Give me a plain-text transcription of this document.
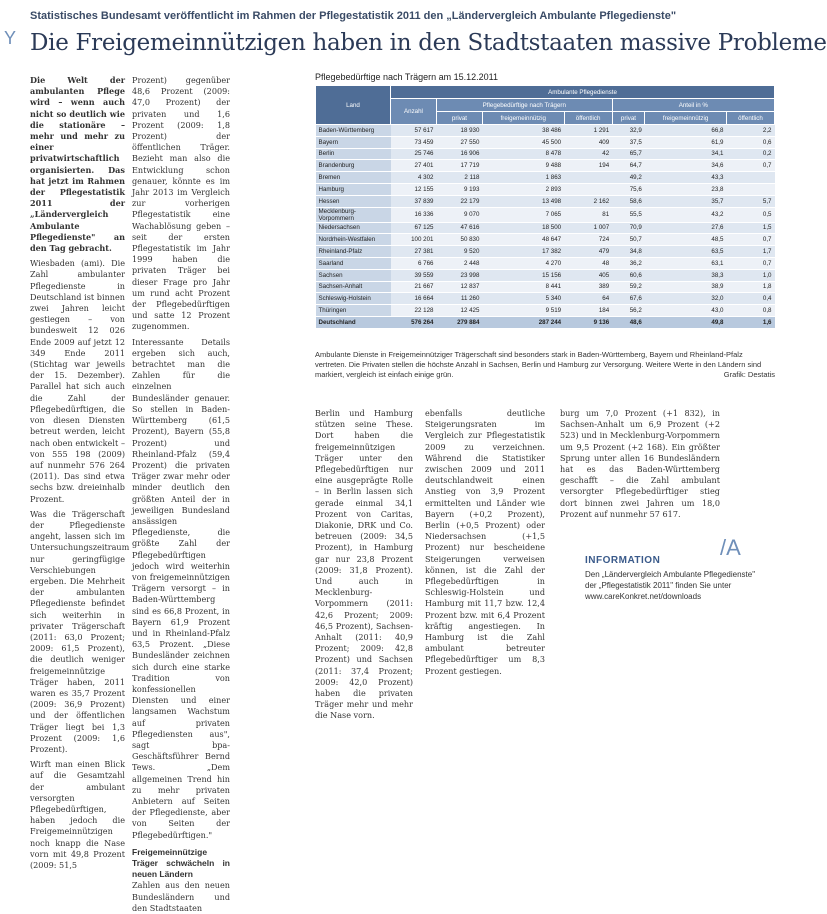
Y
Statistisches Bundesamt veröffentlicht im Rahmen der Pflegestatistik 2011 den „Ländervergleich Ambulante Pflegedienste"
Die Freigemeinnützigen haben in den Stadtstaaten massive Probleme

Die Welt der ambulanten Pflege wird – wenn auch nicht so deutlich wie die stationäre – mehr und mehr zu einer privatwirtschaftlich organisierten. Das hat jetzt im Rahmen der Pflegestatistik 2011 der „Ländervergleich Ambulante Pflegedienste" an den Tag gebracht.

Wiesbaden (ami). Die Zahl ambulanter Pflegedienste in Deutschland ist binnen zwei Jahren leicht gestiegen – von bundesweit 12 026 Ende 2009 auf jetzt 12 349 Ende 2011 (Stichtag war jeweils der 15. Dezember). Parallel hat sich auch die Zahl der Pflegebedürftigen, die von diesen Diensten betreut werden, leicht nach oben entwickelt – von 555 198 (2009) auf nunmehr 576 264 (2011). Das sind etwa sechs bzw. dreieinhalb Prozent.

Was die Trägerschaft der Pflegedienste angeht, lassen sich im Untersuchungszeitraum nur geringfügige Verschiebungen ergeben. Die Mehrheit der ambulanten Pflegedienste befindet sich weiterhin in privater Trägerschaft (2011: 63,0 Prozent; 2009: 61,5 Prozent), die deutlich weniger freigemeinnützige Träger haben, 2011 waren es 35,7 Prozent (2009: 36,9 Prozent) und der öffentlichen Träger liegt bei 1,3 Prozent (2009: 1,6 Prozent).

Wirft man einen Blick auf die Gesamtzahl der ambulant versorgten Pflegebedürftigen, haben jedoch die Freigemeinnützigen noch knapp die Nase vorn mit 49,8 Prozent (2009: 51,5

Prozent) gegenüber 48,6 Prozent (2009: 47,0 Prozent) der privaten und 1,6 Prozent (2009: 1,8 Prozent) der öffentlichen Träger. Bezieht man also die Entwicklung schon genauer, könnte es im Jahr 2013 im Vergleich zur vorherigen Pflegestatistik eine Wachablösung geben – seit der ersten Pflegestatistik im Jahr 1999 haben die privaten Träger bei dieser Frage pro Jahr um rund acht Prozent der Pflegebedürftigen und satte 12 Prozent zugenommen.

Interessante Details ergeben sich auch, betrachtet man die Zahlen für die einzelnen Bundesländer genauer. So stellen in Baden-Württemberg (61,5 Prozent), Bayern (55,8 Prozent) und Rheinland-Pfalz (59,4 Prozent) die privaten Träger zwar mehr oder minder deutlich den größten Anteil der in jeweiligen Bundesland ansässigen Pflegedienste, die größte Zahl der Pflegebedürftigen jedoch wird weiterhin von freigemeinnützigen Trägern versorgt – in Baden-Württemberg sind es 66,8 Prozent, in Bayern 61,9 Prozent und in Rheinland-Pfalz 63,5 Prozent. „Diese Bundesländer zeichnen sich durch eine starke Tradition von konfessionellen Diensten und einer langsamen Wachstum auf privaten Pflegediensten aus", sagt bpa-Geschäftsführer Bernd Tews. „Dem allgemeinen Trend hin zu mehr privaten Anbietern auf Seiten der Pflegedienste, aber von Seiten der Pflegebedürftigen."

Freigemeinnützige Träger schwächeln in neuen Ländern

Zahlen aus den neuen Bundesländern und den Stadtstaaten

Pflegebedürftige nach Trägern am 15.12.2011
Land	Ambulante Pflegedienste						
	Anzahl	Pflegebedürftige nach Trägern			Anteil in %		
		privat	freigemeinnützig	öffentlich	privat	freigemeinnützig	öffentlich
Baden-Württemberg	57 617	18 930	38 486	1 291	32,9	66,8	2,2
Bayern	73 459	27 550	45 500	409	37,5	61,9	0,6
Berlin	25 746	16 906	8 478	42	65,7	34,1	0,2
Brandenburg	27 401	17 719	9 488	194	64,7	34,6	0,7
Bremen	4 302	2 118	1 863		49,2	43,3	
Hamburg	12 155	9 193	2 893		75,6	23,8	
Hessen	37 839	22 179	13 498	2 162	58,6	35,7	5,7
Mecklenburg-Vorpommern	16 336	9 070	7 065	81	55,5	43,2	0,5
Niedersachsen	67 125	47 616	18 500	1 007	70,9	27,6	1,5
Nordrhein-Westfalen	100 201	50 830	48 647	724	50,7	48,5	0,7
Rheinland-Pfalz	27 381	9 520	17 382	479	34,8	63,5	1,7
Saarland	6 766	2 448	4 270	48	36,2	63,1	0,7
Sachsen	39 559	23 998	15 156	405	60,6	38,3	1,0
Sachsen-Anhalt	21 667	12 837	8 441	389	59,2	38,9	1,8
Schleswig-Holstein	16 664	11 260	5 340	64	67,6	32,0	0,4
Thüringen	22 128	12 425	9 519	184	56,2	43,0	0,8
Deutschland	576 264	279 884	287 244	9 136	48,6	49,8	1,6
Ambulante Dienste in Freigemeinnütziger Trägerschaft sind besonders stark in Baden-Württemberg, Bayern und Rheinland-Pfalz vertreten. Die Privaten stellen die höchste Anzahl in Sachsen, Berlin und Hamburg zur Versorgung. Weitere Werte in den Ländern sind markiert, vergleich ist einfach einige grün.	Grafik: Destatis

Berlin und Hamburg stützen seine These. Dort haben die freigemeinnützigen Träger unter den Pflegebedürftigen nur eine ausgeprägte Rolle – in Berlin lassen sich gerade einmal 34,1 Prozent von Caritas, Diakonie, DRK und Co. betreuen (2009: 34,5 Prozent), in Hamburg gar nur 23,8 Prozent (2009: 31,8 Prozent). Und auch in Mecklenburg-Vorpommern (2011: 42,6 Prozent; 2009: 46,5 Prozent), Sachsen-Anhalt (2011: 40,9 Prozent; 2009: 42,8 Prozent) und Sachsen (2011: 37,4 Prozent; 2009: 42,0 Prozent) haben die privaten Träger mehr und mehr die Nase vorn.

ebenfalls deutliche Steigerungsraten im Vergleich zur Pflegestatistik 2009 zu verzeichnen. Während die Statistiker zwischen 2009 und 2011 deutschlandweit einen Anstieg von 3,9 Prozent ermittelten und Länder wie Bayern (+0,2 Prozent), Berlin (+0,5 Prozent) oder Niedersachsen (+1,5 Prozent) nur bescheidene Steigerungen verweisen können, ist die Zahl der Pflegebedürftigen in Schleswig-Holstein und Hamburg mit 11,7 bzw. 12,4 Prozent bzw. mit 6,4 Prozent kräftig angestiegen. In Hamburg ist die Zahl ambulant betreuter Pflegebedürftiger um 8,3 Prozent gestiegen.

burg um 7,0 Prozent (+1 832), in Sachsen-Anhalt um 6,9 Prozent (+2 523) und in Mecklenburg-Vorpommern um 9,5 Prozent (+2 168). Ein größter Sprung unter allen 16 Bundesländern hat es das Baden-Württemberg geschafft – die Zahl ambulant versorgter Pflegebedürftiger stieg dort binnen zwei Jahren um 18,0 Prozent auf nunmehr 57 617.

/A
INFORMATION
Den „Ländervergleich Ambulante Pflegedienste" der „Pflegestatistik 2011" finden Sie unter www.careKonkret.net/downloads
